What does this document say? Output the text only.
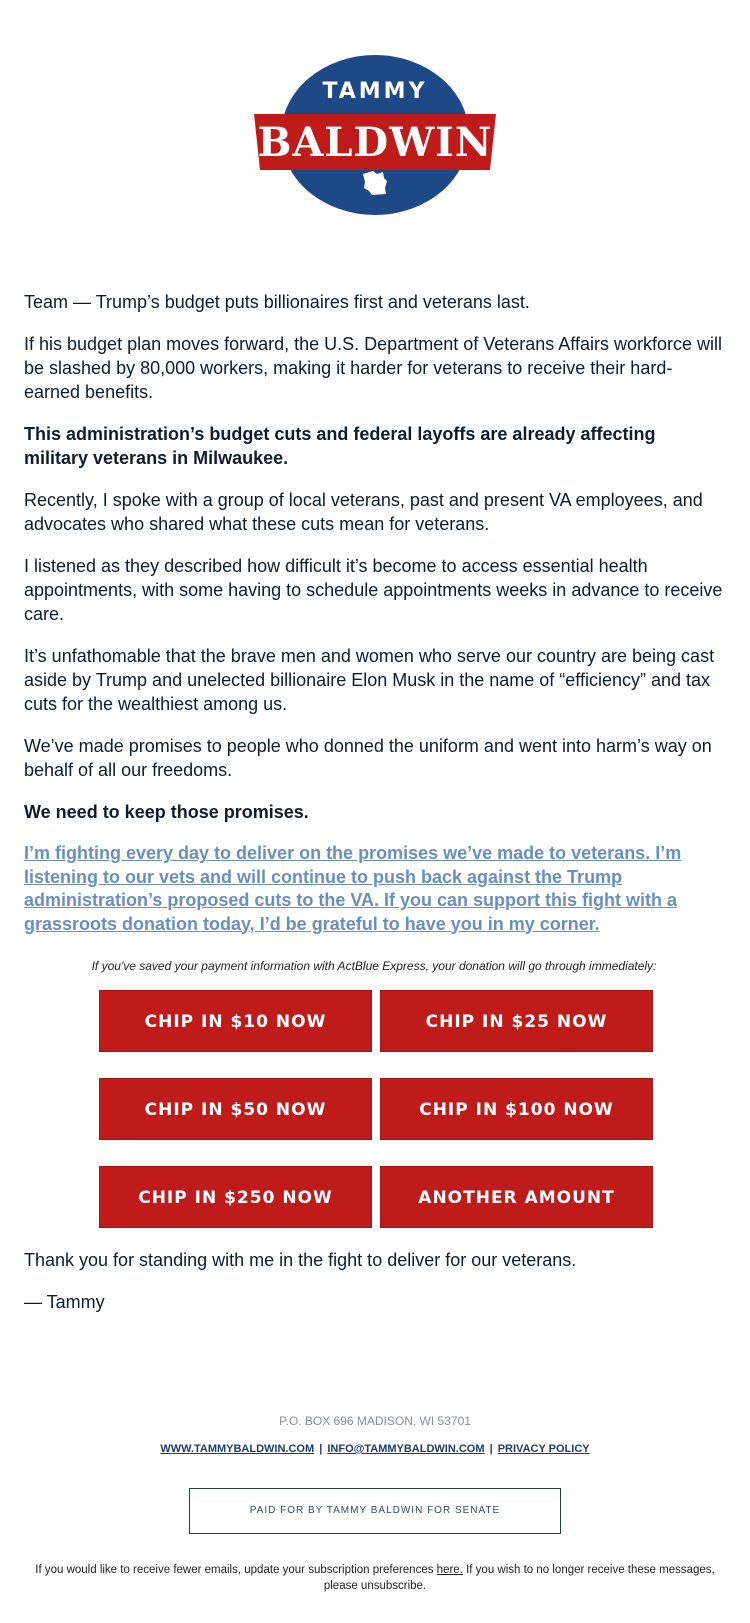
TAMMY
BALDWIN

Team — Trump’s budget puts billionaires first and veterans last.

If his budget plan moves forward, the U.S. Department of Veterans Affairs workforce will be slashed by 80,000 workers, making it harder for veterans to receive their hard-earned benefits.

This administration’s budget cuts and federal layoffs are already affecting military veterans in Milwaukee.

Recently, I spoke with a group of local veterans, past and present VA employees, and advocates who shared what these cuts mean for veterans.

I listened as they described how difficult it’s become to access essential health appointments, with some having to schedule appointments weeks in advance to receive care.

It’s unfathomable that the brave men and women who serve our country are being cast aside by Trump and unelected billionaire Elon Musk in the name of “efficiency” and tax cuts for the wealthiest among us.

We’ve made promises to people who donned the uniform and went into harm’s way on behalf of all our freedoms.

We need to keep those promises.

I’m fighting every day to deliver on the promises we’ve made to veterans. I’m listening to our vets and will continue to push back against the Trump administration’s proposed cuts to the VA. If you can support this fight with a grassroots donation today, I’d be grateful to have you in my corner.
If you've saved your payment information with ActBlue Express, your donation will go through immediately:
CHIP IN $10 NOW	CHIP IN $25 NOW
CHIP IN $50 NOW	CHIP IN $100 NOW
CHIP IN $250 NOW	ANOTHER AMOUNT

Thank you for standing with me in the fight to deliver for our veterans.

— Tammy

P.O. BOX 696 MADISON, WI 53701
WWW.TAMMYBALDWIN.COM | INFO@TAMMYBALDWIN.COM | PRIVACY POLICY
PAID FOR BY TAMMY BALDWIN FOR SENATE
If you would like to receive fewer emails, update your subscription preferences here. If you wish to no longer receive these messages, please unsubscribe.
